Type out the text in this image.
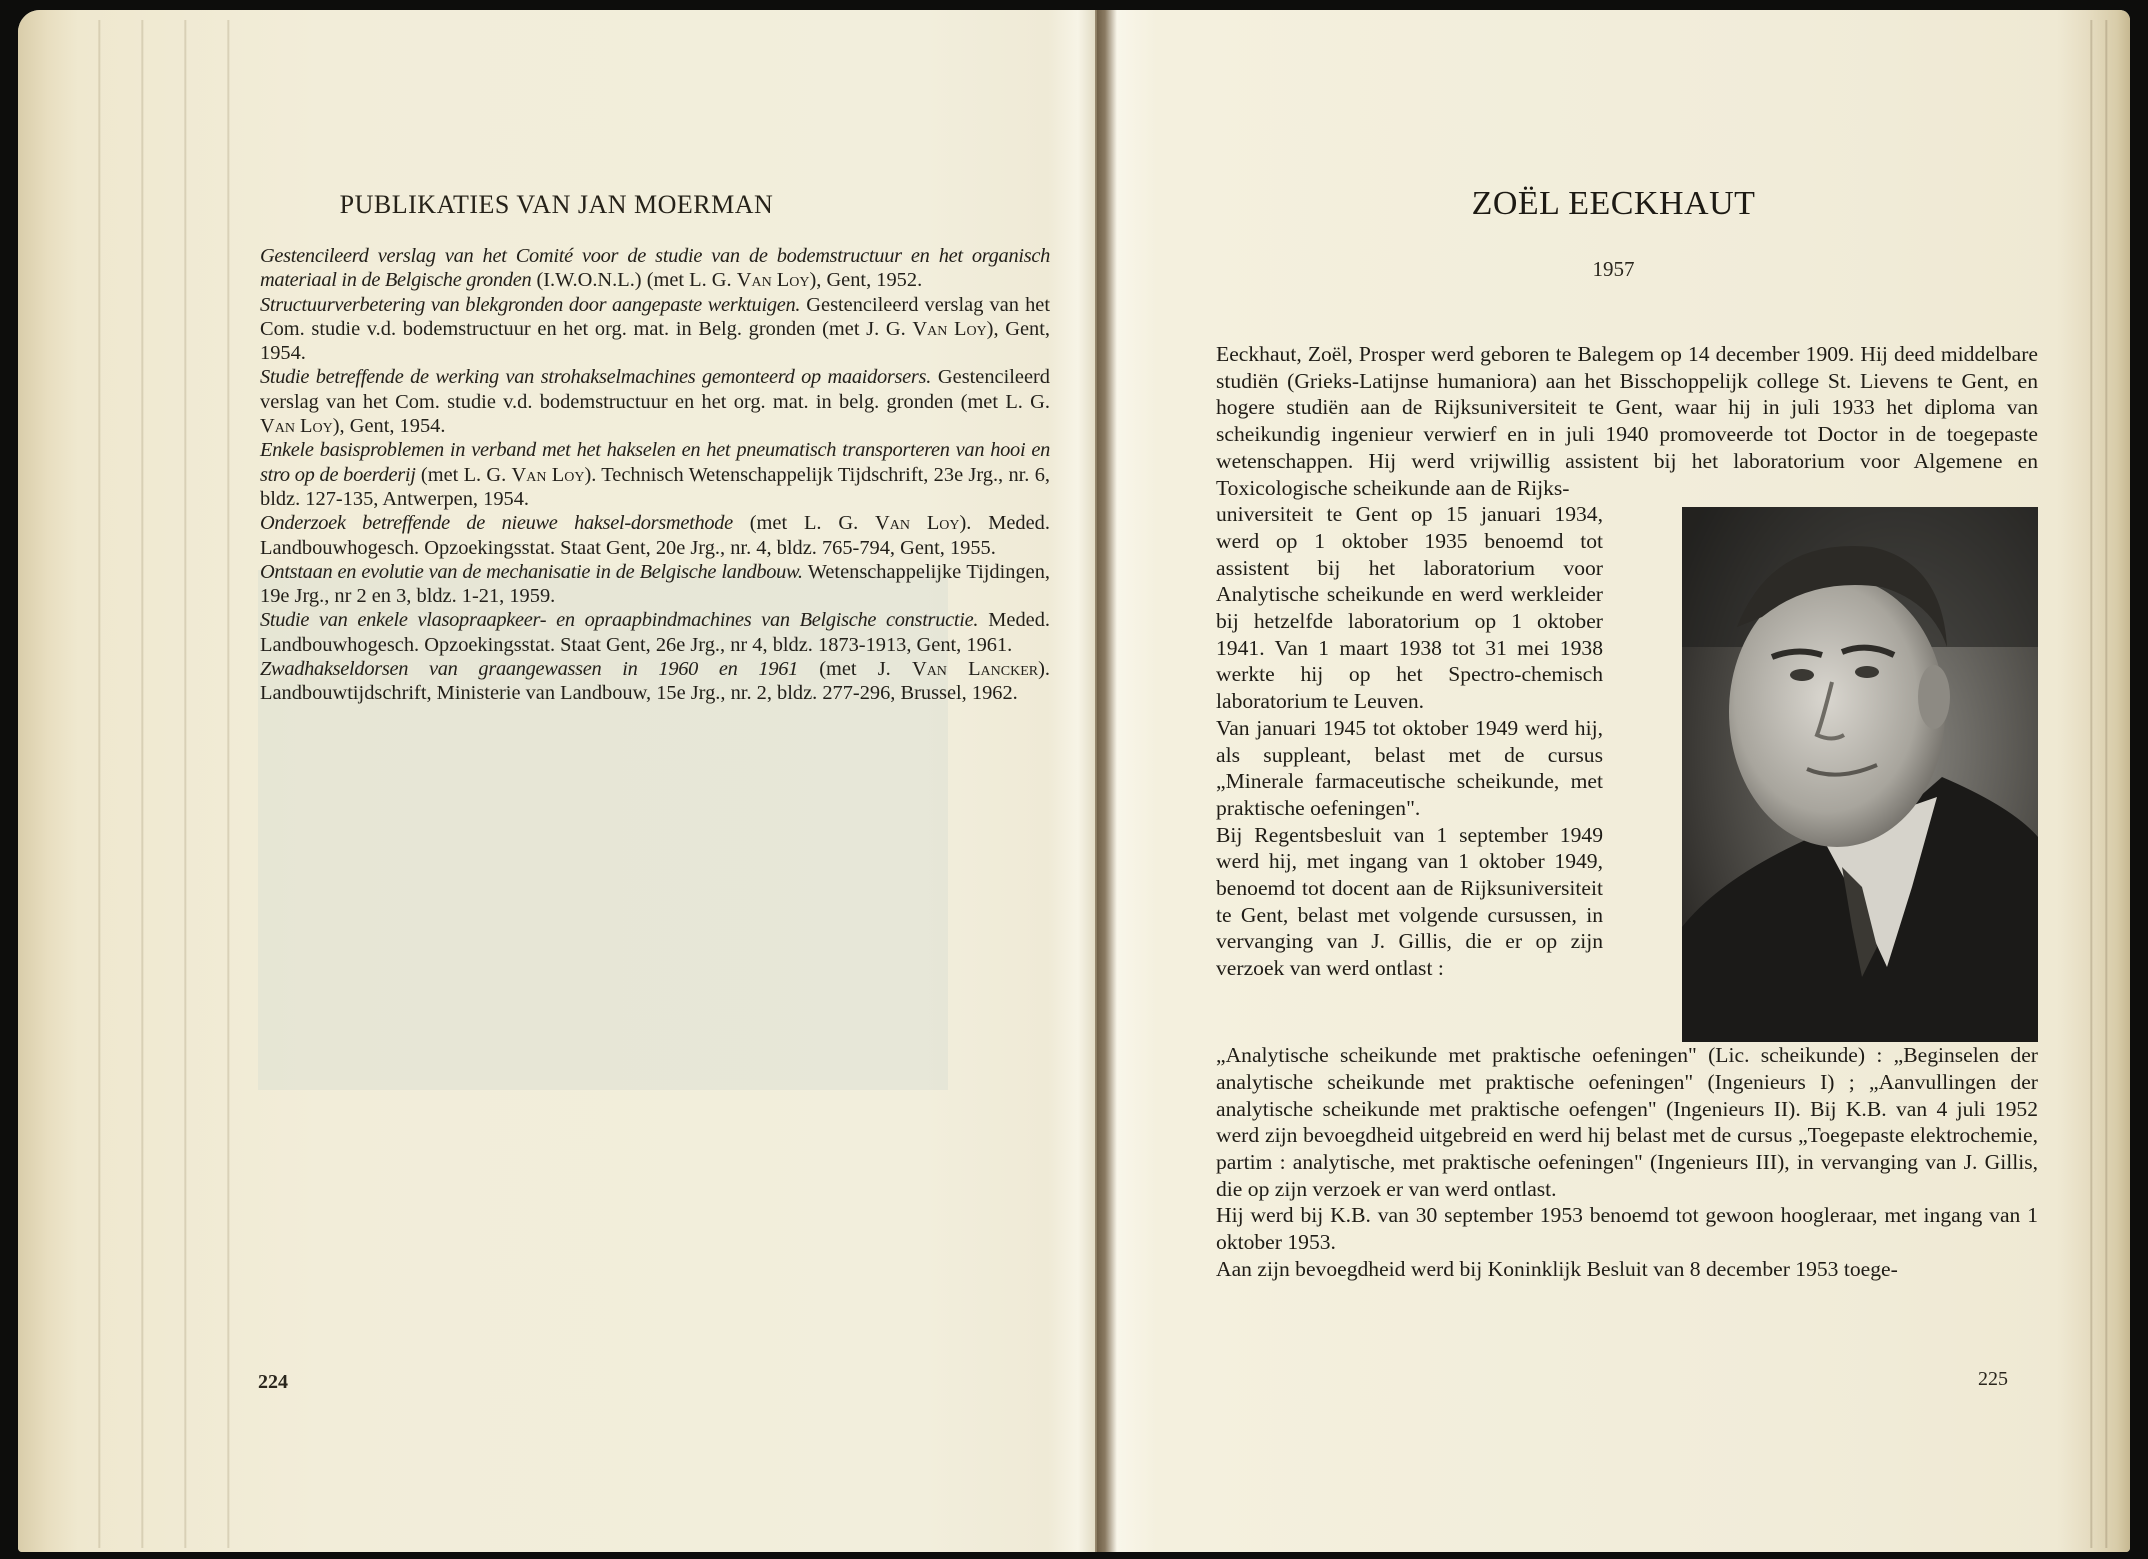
PUBLIKATIES VAN JAN MOERMAN

Gestencileerd verslag van het Comité voor de studie van de bodemstructuur en het organisch materiaal in de Belgische gronden (I.W.O.N.L.) (met L. G. Van Loy), Gent, 1952.

Structuurverbetering van blekgronden door aangepaste werktuigen. Gestencileerd verslag van het Com. studie v.d. bodemstructuur en het org. mat. in Belg. gronden (met J. G. Van Loy), Gent, 1954.

Studie betreffende de werking van strohakselmachines gemonteerd op maaidorsers. Gestencileerd verslag van het Com. studie v.d. bodemstructuur en het org. mat. in belg. gronden (met L. G. Van Loy), Gent, 1954.

Enkele basisproblemen in verband met het hakselen en het pneumatisch transporteren van hooi en stro op de boerderij (met L. G. Van Loy). Technisch Wetenschappelijk Tijdschrift, 23e Jrg., nr. 6, bldz. 127-135, Antwerpen, 1954.

Onderzoek betreffende de nieuwe haksel-dorsmethode (met L. G. Van Loy). Meded. Landbouwhogesch. Opzoekingsstat. Staat Gent, 20e Jrg., nr. 4, bldz. 765-794, Gent, 1955.

Ontstaan en evolutie van de mechanisatie in de Belgische landbouw. Wetenschappelijke Tijdingen, 19e Jrg., nr 2 en 3, bldz. 1-21, 1959.

Studie van enkele vlasopraapkeer- en opraapbindmachines van Belgische constructie. Meded. Landbouwhogesch. Opzoekingsstat. Staat Gent, 26e Jrg., nr 4, bldz. 1873-1913, Gent, 1961.

Zwadhakseldorsen van graangewassen in 1960 en 1961 (met J. Van Lancker). Landbouwtijdschrift, Ministerie van Landbouw, 15e Jrg., nr. 2, bldz. 277-296, Brussel, 1962.

224
ZOËL EECKHAUT
1957

Eeckhaut, Zoël, Prosper werd geboren te Balegem op 14 december 1909. Hij deed middelbare studiën (Grieks-Latijnse humaniora) aan het Bisschoppelijk college St. Lievens te Gent, en hogere studiën aan de Rijksuniversiteit te Gent, waar hij in juli 1933 het diploma van scheikundig ingenieur verwierf en in juli 1940 promoveerde tot Doctor in de toegepaste wetenschappen. Hij werd vrijwillig assistent bij het laboratorium voor Algemene en Toxicologische scheikunde aan de Rijks-

universiteit te Gent op 15 januari 1934, werd op 1 oktober 1935 benoemd tot assistent bij het laboratorium voor Analytische scheikunde en werd werkleider bij hetzelfde laboratorium op 1 oktober 1941. Van 1 maart 1938 tot 31 mei 1938 werkte hij op het Spectro-chemisch laboratorium te Leuven.

Van januari 1945 tot oktober 1949 werd hij, als suppleant, belast met de cursus „Minerale farmaceutische scheikunde, met praktische oefeningen".

Bij Regentsbesluit van 1 september 1949 werd hij, met ingang van 1 oktober 1949, benoemd tot docent aan de Rijksuniversiteit te Gent, belast met volgende cursussen, in vervanging van J. Gillis, die er op zijn verzoek van werd ontlast :

„Analytische scheikunde met praktische oefeningen" (Lic. scheikunde) : „Beginselen der analytische scheikunde met praktische oefeningen" (Ingenieurs I) ; „Aanvullingen der analytische scheikunde met praktische oefengen" (Ingenieurs II). Bij K.B. van 4 juli 1952 werd zijn bevoegdheid uitgebreid en werd hij belast met de cursus „Toegepaste elektrochemie, partim : analytische, met praktische oefeningen" (Ingenieurs III), in vervanging van J. Gillis, die op zijn verzoek er van werd ontlast.

Hij werd bij K.B. van 30 september 1953 benoemd tot gewoon hoogleraar, met ingang van 1 oktober 1953.

Aan zijn bevoegdheid werd bij Koninklijk Besluit van 8 december 1953 toege-

225
